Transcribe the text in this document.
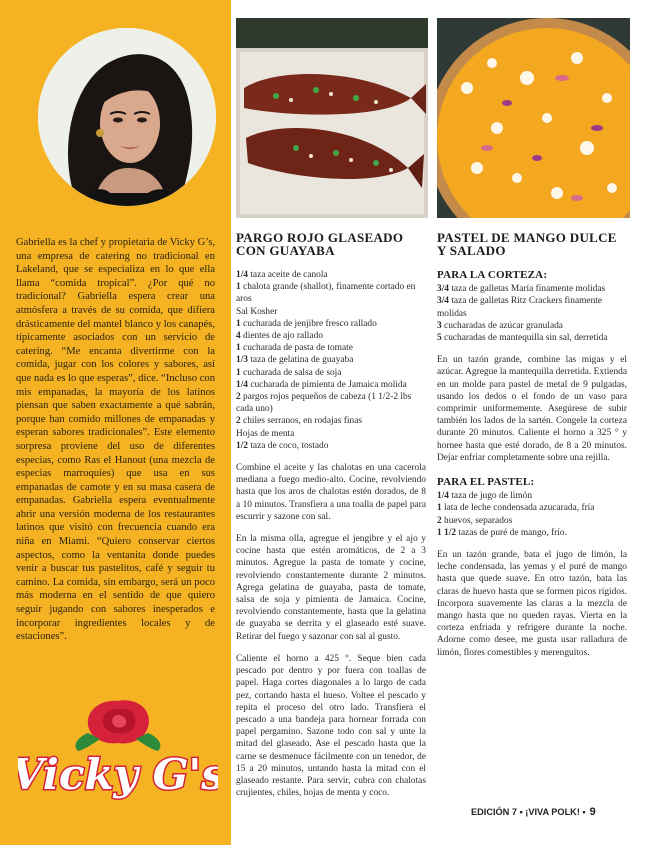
Gabriella es la chef y propietaria de Vicky G’s, una empresa de catering no tradicional en Lakeland, que se especializa en lo que ella llama “comida tropical”. ¿Por qué no tradicional? Gabriella espera crear una atmósfera a través de su comida, que difiera drásticamente del mantel blanco y los canapés, típicamente asociados con un servicio de catering. “Me encanta divertirme con la comida, jugar con los colores y sabores, así que nada es lo que esperas”, dice. “Incluso con mis empanadas, la mayoría de los latinos piensan que saben exactamente a qué sabrán, porque han comido millones de empanadas y esperan sabores tradicionales”. Este elemento sorpresa proviene del uso de diferentes especias, como Ras el Hanout (una mezcla de especias marroquíes) que usa en sus empanadas de camote y en su masa casera de empanadas. Gabriella espera eventualmente abrir una versión moderna de los restaurantes latinos que visitó con frecuencia cuando era niña en Miami. “Quiero conservar ciertos aspectos, como la ventanita donde puedes venir a buscar tus pastelitos, café y seguir tu camino. La comida, sin embargo, será un poco más moderna en el sentido de que quiero seguir jugando con sabores inesperados e incorporar ingredientes locales y de estaciones”.

Vicky G's
PARGO ROJO GLASEADO CON GUAYABA
1/4 taza aceite de canola
1 chalota grande (shallot), finamente cortado en aros
Sal Kosher
1 cucharada de jenjibre fresco rallado
4 dientes de ajo rallado
1 cucharada de pasta de tomate
1/3 taza de gelatina de guayaba
1 cucharada de salsa de soja
1/4 cucharada de pimienta de Jamaica molida
2 pargos rojos pequeños de cabeza (1 1/2-2 lbs cada uno)
2 chiles serranos, en rodajas finas
Hojas de menta
1/2 taza de coco, tostado

Combine el aceite y las chalotas en una cacerola mediana a fuego medio-alto. Cocine, revolviendo hasta que los aros de chalotas estén dorados, de 8 a 10 minutos. Transfiera a una toalla de papel para escurrir y sazone con sal.

En la misma olla, agregue el jengibre y el ajo y cocine hasta que estén aromáticos, de 2 a 3 minutos. Agregue la pasta de tomate y cocine, revolviendo constantemente durante 2 minutos. Agrega gelatina de guayaba, pasta de tomate, salsa de soja y pimienta de Jamaica. Cocine, revolviendo constantemente, hasta que la gelatina de guayaba se derrita y el glaseado esté suave. Retirar del fuego y sazonar con sal al gusto.

Caliente el horno a 425 °. Seque bien cada pescado por dentro y por fuera con toallas de papel. Haga cortes diagonales a lo largo de cada pez, cortando hasta el hueso. Voltee el pescado y repita el proceso del otro lado. Transfiera el pescado a una bandeja para hornear forrada con papel pergamino. Sazone todo con sal y unte la mitad del glaseado. Ase el pescado hasta que la carne se desmenuce fácilmente con un tenedor, de 15 a 20 minutos, untando hasta la mitad con el glaseado restante. Para servir, cubra con chalotas crujientes, chiles, hojas de menta y coco.

PASTEL DE MANGO DULCE Y SALADO
PARA LA CORTEZA:
3/4 taza de galletas María finamente molidas
3/4 taza de galletas Ritz Crackers finamente molidas
3 cucharadas de azúcar granulada
5 cucharadas de mantequilla sin sal, derretida

En un tazón grande, combine las migas y el azúcar. Agregue la mantequilla derretida. Extienda en un molde para pastel de metal de 9 pulgadas, usando los dedos o el fondo de un vaso para comprimir uniformemente. Asegúrese de subir también los lados de la sartén. Congele la corteza durante 20 minutos. Caliente el horno a 325 ° y hornee hasta que esté dorado, de 8 a 20 minutos. Dejar enfriar completamente sobre una rejilla.

PARA EL PASTEL:
1/4 taza de jugo de limón
1 lata de leche condensada azucarada, fría
2 huevos, separados
1 1/2 tazas de puré de mango, frío.

En un tazón grande, bata el jugo de limón, la leche condensada, las yemas y el puré de mango hasta que quede suave. En otro tazón, bata las claras de huevo hasta que se formen picos rígidos. Incorpora suavemente las claras a la mezcla de mango hasta que no queden rayas. Vierta en la corteza enfriada y refrigere durante la noche. Adorne como desee, me gusta usar ralladura de limón, flores comestibles y merenguitos.

EDICIÓN 7 • ¡VIVA POLK! • 9
